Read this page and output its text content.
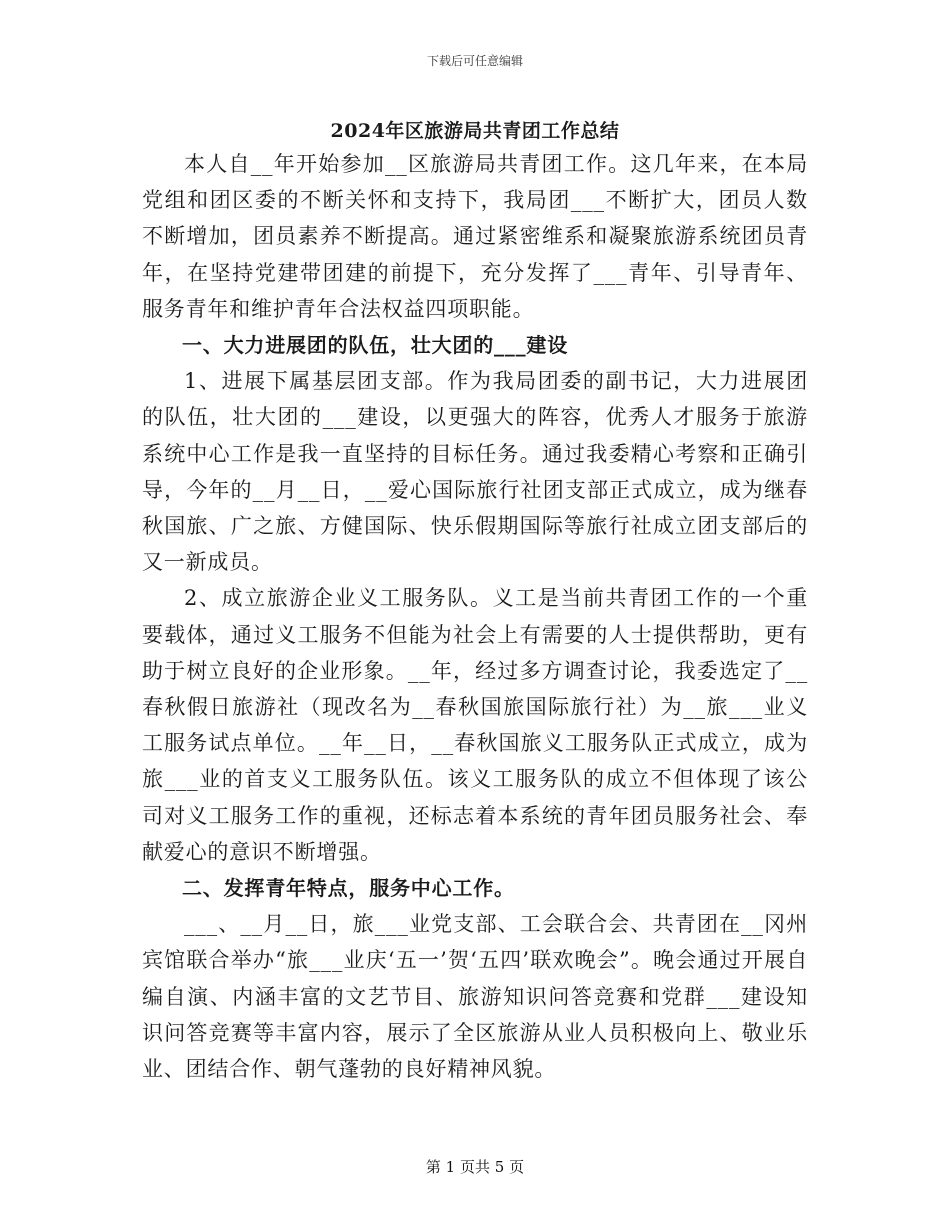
下载后可任意编辑
2024年区旅游局共青团工作总结

本人自__年开始参加__区旅游局共青团工作。这几年来，在本局党组和团区委的不断关怀和支持下，我局团___不断扩大，团员人数不断增加，团员素养不断提高。通过紧密维系和凝聚旅游系统团员青年，在坚持党建带团建的前提下，充分发挥了___青年、引导青年、服务青年和维护青年合法权益四项职能。

一、大力进展团的队伍，壮大团的___建设

1、进展下属基层团支部。作为我局团委的副书记，大力进展团的队伍，壮大团的___建设，以更强大的阵容，优秀人才服务于旅游系统中心工作是我一直坚持的目标任务。通过我委精心考察和正确引导，今年的__月__日，__爱心国际旅行社团支部正式成立，成为继春秋国旅、广之旅、方健国际、快乐假期国际等旅行社成立团支部后的又一新成员。

2、成立旅游企业义工服务队。义工是当前共青团工作的一个重要载体，通过义工服务不但能为社会上有需要的人士提供帮助，更有助于树立良好的企业形象。__年，经过多方调查讨论，我委选定了__春秋假日旅游社（现改名为__春秋国旅国际旅行社）为__旅___业义工服务试点单位。__年__日，__春秋国旅义工服务队正式成立，成为旅___业的首支义工服务队伍。该义工服务队的成立不但体现了该公司对义工服务工作的重视，还标志着本系统的青年团员服务社会、奉献爱心的意识不断增强。

二、发挥青年特点，服务中心工作。

___、__月__日，旅___业党支部、工会联合会、共青团在__冈州宾馆联合举办“旅___业庆‘五一’贺‘五四’联欢晚会”。晚会通过开展自编自演、内涵丰富的文艺节目、旅游知识问答竞赛和党群___建设知识问答竞赛等丰富内容，展示了全区旅游从业人员积极向上、敬业乐业、团结合作、朝气蓬勃的良好精神风貌。

第 1 页共 5 页
